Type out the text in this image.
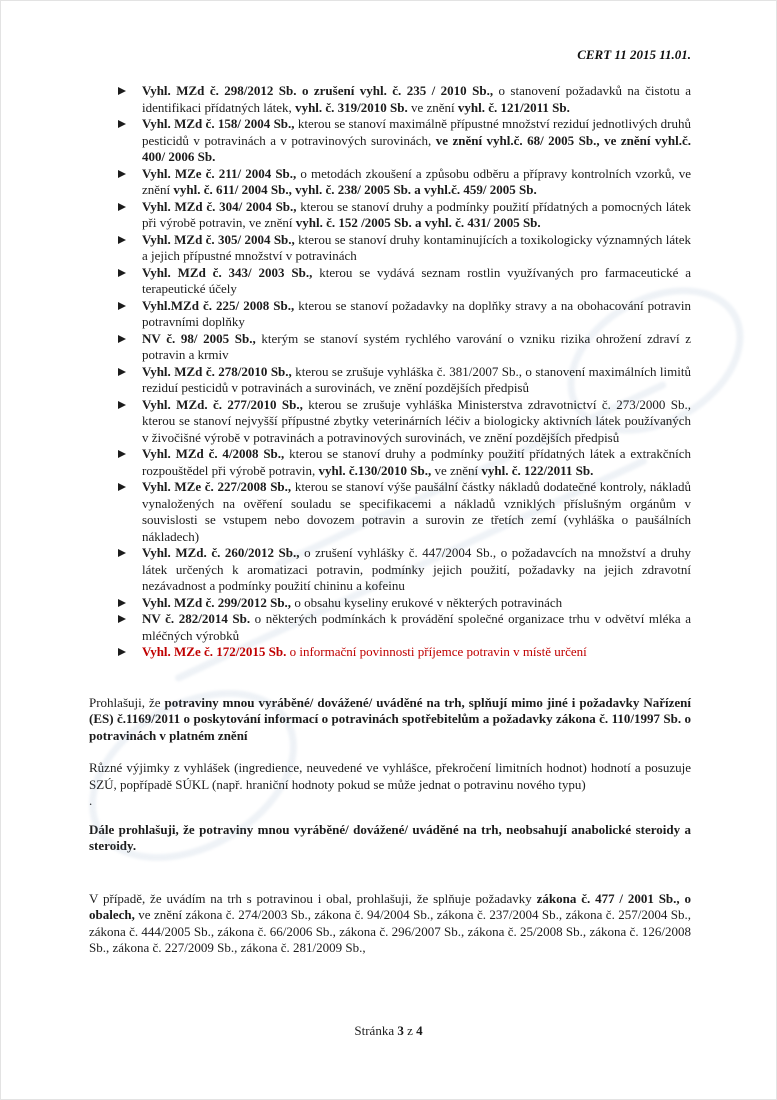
CERT 11 2015 11.01.
Vyhl. MZd č. 298/2012 Sb. o zrušení vyhl. č. 235 / 2010 Sb., o stanovení požadavků na čistotu a identifikaci přídatných látek, vyhl. č. 319/2010 Sb. ve znění vyhl. č. 121/2011 Sb.
Vyhl. MZd č. 158/ 2004 Sb., kterou se stanoví maximálně přípustné množství reziduí jednotlivých druhů pesticidů v potravinách a v potravinových surovinách, ve znění vyhl.č. 68/ 2005 Sb., ve znění vyhl.č. 400/ 2006 Sb.
Vyhl. MZe č. 211/ 2004 Sb., o metodách zkoušení a způsobu odběru a přípravy kontrolních vzorků, ve znění vyhl. č. 611/ 2004 Sb., vyhl. č. 238/ 2005 Sb. a vyhl.č. 459/ 2005 Sb.
Vyhl. MZd č. 304/ 2004 Sb., kterou se stanoví druhy a podmínky použití přídatných a pomocných látek při výrobě potravin, ve znění vyhl. č. 152 /2005 Sb. a vyhl. č. 431/ 2005 Sb.
Vyhl. MZd č. 305/ 2004 Sb., kterou se stanoví druhy kontaminujících a toxikologicky významných látek a jejich přípustné množství v potravinách
Vyhl. MZd č. 343/ 2003 Sb., kterou se vydává seznam rostlin využívaných pro farmaceutické a terapeutické účely
Vyhl.MZd č. 225/ 2008 Sb., kterou se stanoví požadavky na doplňky stravy a na obohacování potravin potravními doplňky
NV č. 98/ 2005 Sb., kterým se stanoví systém rychlého varování o vzniku rizika ohrožení zdraví z potravin a krmiv
Vyhl. MZd č. 278/2010 Sb., kterou se zrušuje vyhláška č. 381/2007 Sb., o stanovení maximálních limitů reziduí pesticidů v potravinách a surovinách, ve znění pozdějších předpisů
Vyhl. MZd. č. 277/2010 Sb., kterou se zrušuje vyhláška Ministerstva zdravotnictví č. 273/2000 Sb., kterou se stanoví nejvyšší přípustné zbytky veterinárních léčiv a biologicky aktivních látek používaných v živočišné výrobě v potravinách a potravinových surovinách, ve znění pozdějších předpisů
Vyhl. MZd č. 4/2008 Sb., kterou se stanoví druhy a podmínky použití přídatných látek a extrakčních rozpouštědel při výrobě potravin, vyhl. č.130/2010 Sb., ve znění vyhl. č. 122/2011 Sb.
Vyhl. MZe č. 227/2008 Sb., kterou se stanoví výše paušální částky nákladů dodatečné kontroly, nákladů vynaložených na ověření souladu se specifikacemi a nákladů vzniklých příslušným orgánům v souvislosti se vstupem nebo dovozem potravin a surovin ze třetích zemí (vyhláška o paušálních nákladech)
Vyhl. MZd. č. 260/2012 Sb., o zrušení vyhlášky č. 447/2004 Sb., o požadavcích na množství a druhy látek určených k aromatizaci potravin, podmínky jejich použití, požadavky na jejich zdravotní nezávadnost a podmínky použití chininu a kofeinu
Vyhl. MZd č. 299/2012 Sb., o obsahu kyseliny erukové v některých potravinách
NV č. 282/2014 Sb. o některých podmínkách k provádění společné organizace trhu v odvětví mléka a mléčných výrobků
Vyhl. MZe č. 172/2015 Sb. o informační povinnosti příjemce potravin v místě určení

Prohlašuji, že potraviny mnou vyráběné/ dovážené/ uváděné na trh, splňují mimo jiné i požadavky Nařízení (ES) č.1169/2011 o poskytování informací o potravinách spotřebitelům a požadavky zákona č. 110/1997 Sb. o potravinách v platném znění

Různé výjimky z vyhlášek (ingredience, neuvedené ve vyhlášce, překročení limitních hodnot) hodnotí a posuzuje SZÚ, popřípadě SÚKL (např. hraniční hodnoty pokud se může jednat o potravinu nového typu)

.

Dále prohlašuji, že potraviny mnou vyráběné/ dovážené/ uváděné na trh, neobsahují anabolické steroidy a steroidy.

V případě, že uvádím na trh s potravinou i obal, prohlašuji, že splňuje požadavky zákona č. 477 / 2001 Sb., o obalech, ve znění zákona č. 274/2003 Sb., zákona č. 94/2004 Sb., zákona č. 237/2004 Sb., zákona č. 257/2004 Sb., zákona č. 444/2005 Sb., zákona č. 66/2006 Sb., zákona č. 296/2007 Sb., zákona č. 25/2008 Sb., zákona č. 126/2008 Sb., zákona č. 227/2009 Sb., zákona č. 281/2009 Sb.,

Stránka 3 z 4
